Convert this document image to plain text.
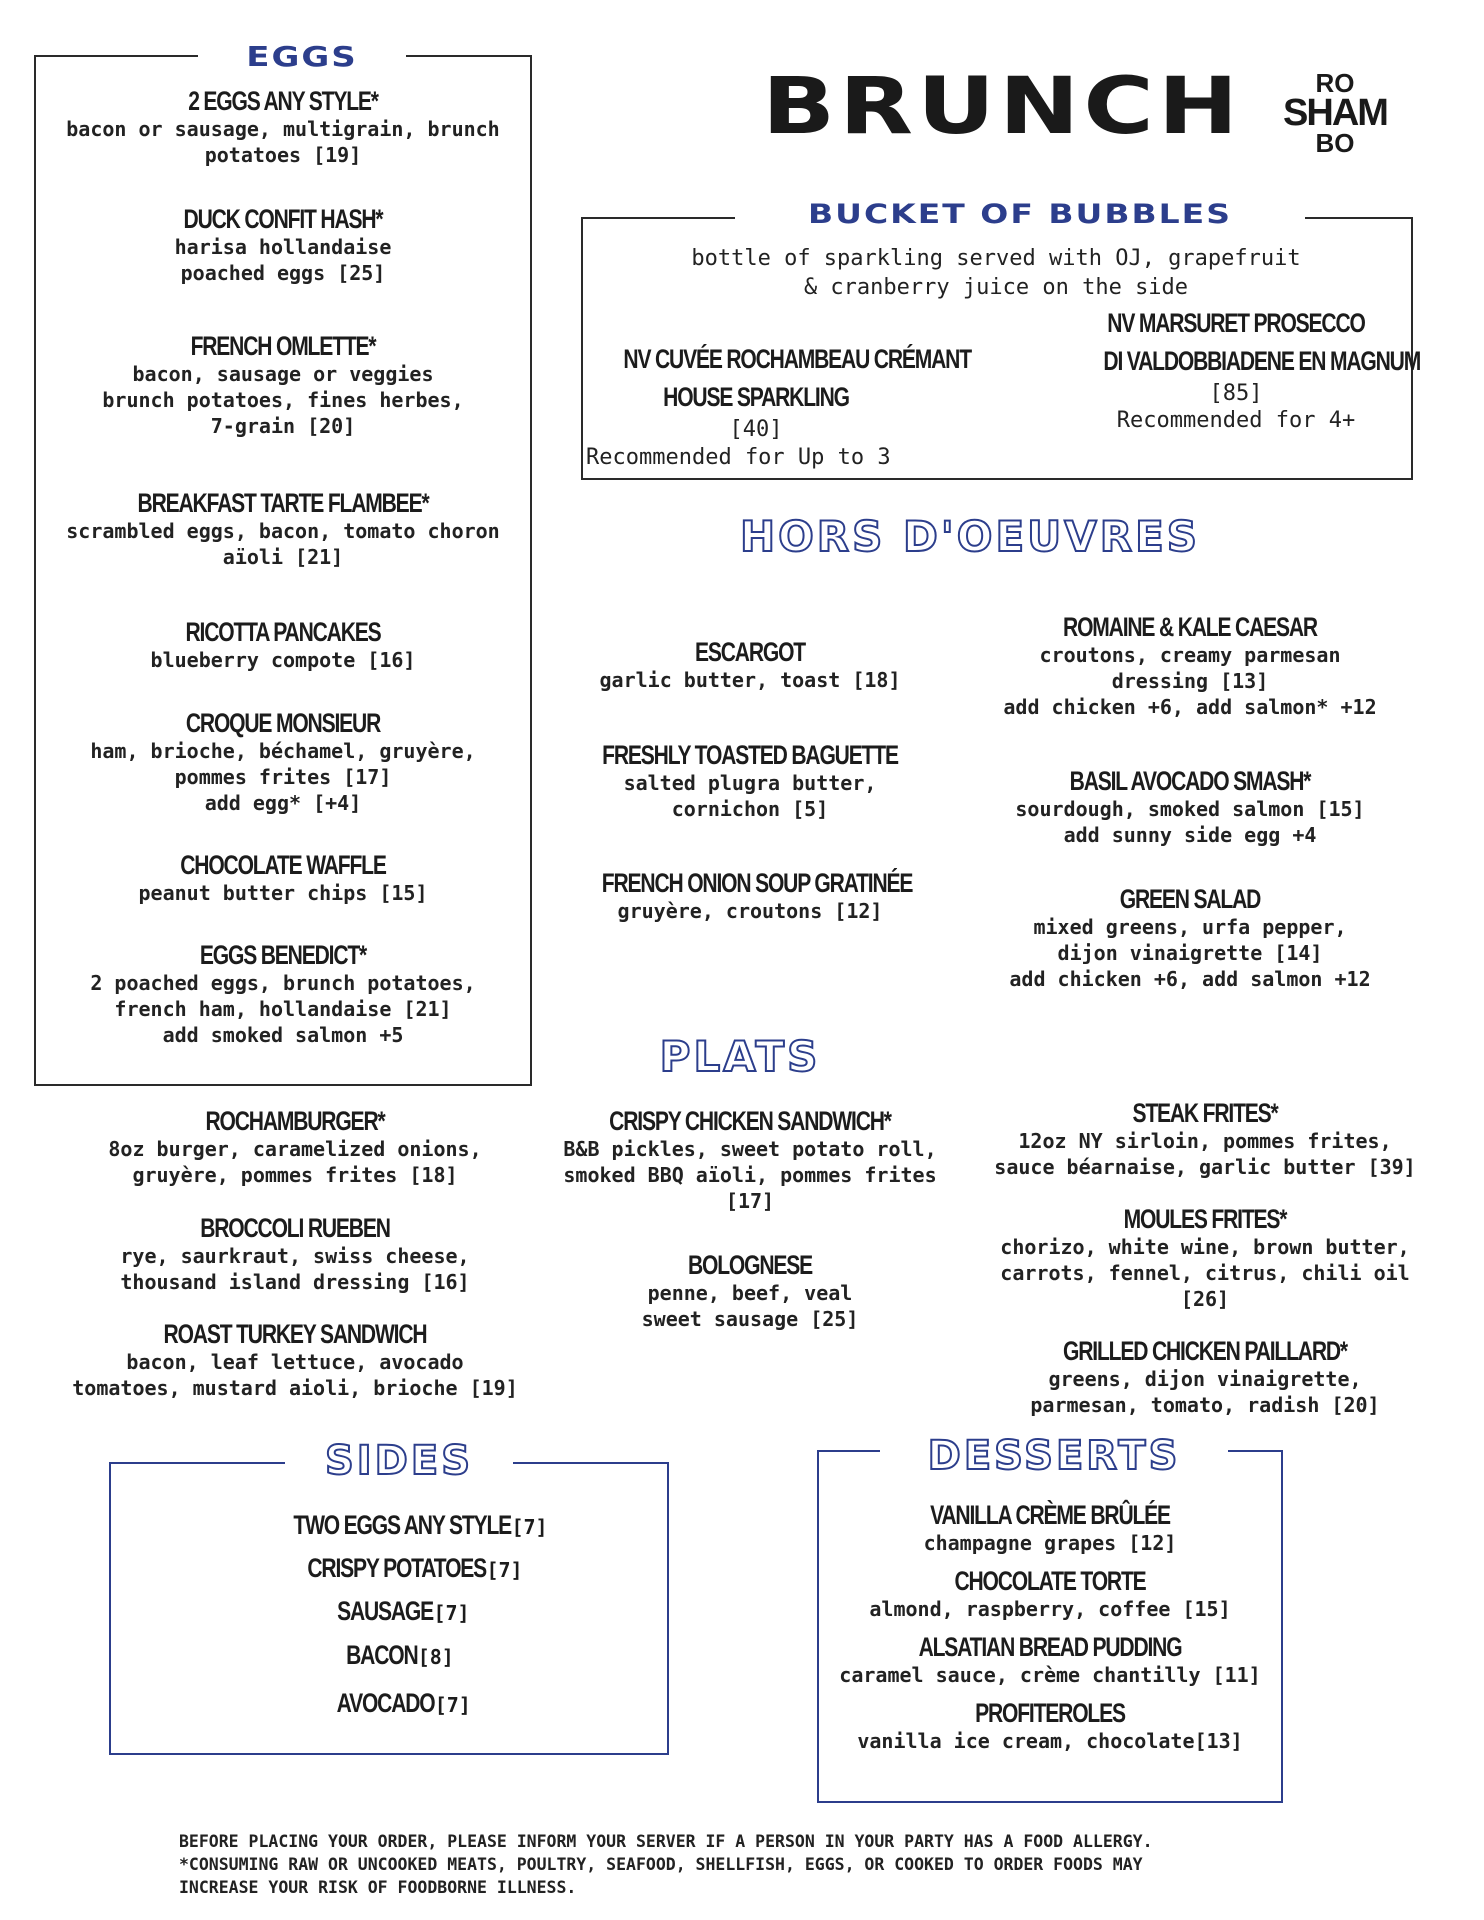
EGGS
2 EGGS ANY STYLE*
bacon or sausage, multigrain, brunch
potatoes [19]
DUCK CONFIT HASH*
harisa hollandaise
poached eggs [25]
FRENCH OMLETTE*
bacon, sausage or veggies
brunch potatoes, fines herbes,
7-grain [20]
BREAKFAST TARTE FLAMBEE*
scrambled eggs, bacon, tomato choron
aïoli [21]
RICOTTA PANCAKES
blueberry compote [16]
CROQUE MONSIEUR
ham, brioche, béchamel, gruyère,
pommes frites [17]
add egg* [+4]
CHOCOLATE WAFFLE
peanut butter chips [15]
EGGS BENEDICT*
2 poached eggs, brunch potatoes,
french ham, hollandaise [21]
add smoked salmon +5
BRUNCH	RO
SHAM
BO
BUCKET OF BUBBLES
bottle of sparkling served with OJ, grapefruit
& cranberry juice on the side
NV CUVÉE ROCHAMBEAU CRÉMANT
HOUSE SPARKLING
[40]
Recommended for Up to 3
NV MARSURET PROSECCO
DI VALDOBBIADENE EN MAGNUM
[85]
Recommended for 4+
HORS D'OEUVRES
ESCARGOT
garlic butter, toast [18]
FRESHLY TOASTED BAGUETTE
salted plugra butter,
cornichon [5]
FRENCH ONION SOUP GRATINÉE
gruyère, croutons [12]
ROMAINE & KALE CAESAR
croutons, creamy parmesan
dressing [13]
add chicken +6, add salmon* +12
BASIL AVOCADO SMASH*
sourdough, smoked salmon [15]
add sunny side egg +4
GREEN SALAD
mixed greens, urfa pepper,
dijon vinaigrette [14]
add chicken +6, add salmon +12
PLATS
ROCHAMBURGER*
8oz burger, caramelized onions,
gruyère, pommes frites [18]
BROCCOLI RUEBEN
rye, saurkraut, swiss cheese,
thousand island dressing [16]
ROAST TURKEY SANDWICH
bacon, leaf lettuce, avocado
tomatoes, mustard aioli, brioche [19]
CRISPY CHICKEN SANDWICH*
B&B pickles, sweet potato roll,
smoked BBQ aïoli, pommes frites
[17]
BOLOGNESE
penne, beef, veal
sweet sausage [25]
STEAK FRITES*
12oz NY sirloin, pommes frites,
sauce béarnaise, garlic butter [39]
MOULES FRITES*
chorizo, white wine, brown butter,
carrots, fennel, citrus, chili oil
[26]
GRILLED CHICKEN PAILLARD*
greens, dijon vinaigrette,
parmesan, tomato, radish [20]
SIDES
TWO EGGS ANY STYLE[7]
CRISPY POTATOES[7]
SAUSAGE[7]
BACON[8]
AVOCADO[7]
DESSERTS
VANILLA CRÈME BRÛLÉE
champagne grapes [12]
CHOCOLATE TORTE
almond, raspberry, coffee [15]
ALSATIAN BREAD PUDDING
caramel sauce, crème chantilly [11]
PROFITEROLES
vanilla ice cream, chocolate[13]
BEFORE PLACING YOUR ORDER, PLEASE INFORM YOUR SERVER IF A PERSON IN YOUR PARTY HAS A FOOD ALLERGY.
*CONSUMING RAW OR UNCOOKED MEATS, POULTRY, SEAFOOD, SHELLFISH, EGGS, OR COOKED TO ORDER FOODS MAY
INCREASE YOUR RISK OF FOODBORNE ILLNESS.
